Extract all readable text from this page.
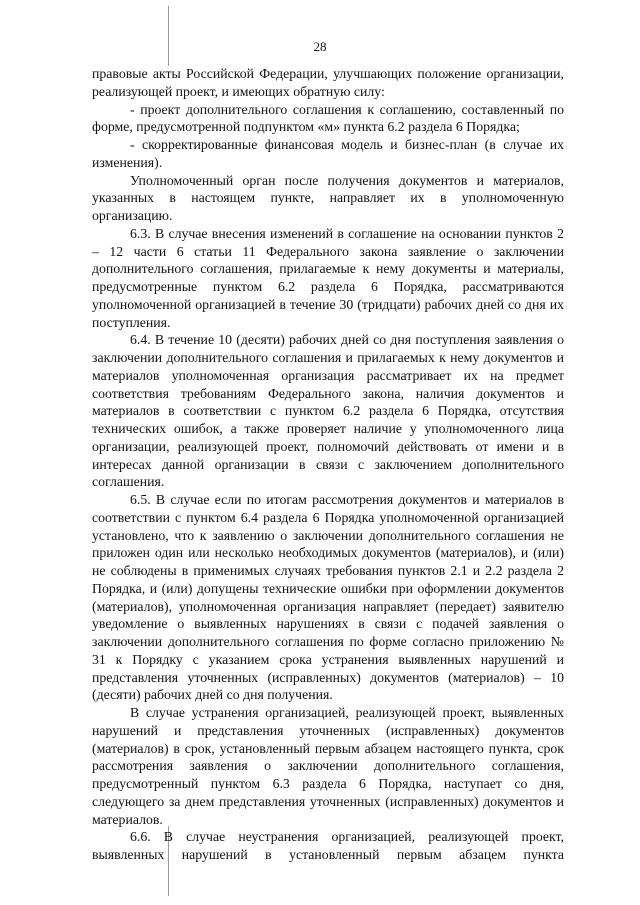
28

правовые акты Российской Федерации, улучшающих положение организации, реализующей проект, и имеющих обратную силу:

- проект дополнительного соглашения к соглашению, составленный по форме, предусмотренной подпунктом «м» пункта 6.2 раздела 6 Порядка;

- скорректированные финансовая модель и бизнес-план (в случае их изменения).

Уполномоченный орган после получения документов и материалов, указанных в настоящем пункте, направляет их в уполномоченную организацию.

6.3. В случае внесения изменений в соглашение на основании пунктов 2 – 12 части 6 статьи 11 Федерального закона заявление о заключении дополнительного соглашения, прилагаемые к нему документы и материалы, предусмотренные пунктом 6.2 раздела 6 Порядка, рассматриваются уполномоченной организацией в течение 30 (тридцати) рабочих дней со дня их поступления.

6.4. В течение 10 (десяти) рабочих дней со дня поступления заявления о заключении дополнительного соглашения и прилагаемых к нему документов и материалов уполномоченная организация рассматривает их на предмет соответствия требованиям Федерального закона, наличия документов и материалов в соответствии с пунктом 6.2 раздела 6 Порядка, отсутствия технических ошибок, а также проверяет наличие у уполномоченного лица организации, реализующей проект, полномочий действовать от имени и в интересах данной организации в связи с заключением дополнительного соглашения.

6.5. В случае если по итогам рассмотрения документов и материалов в соответствии с пунктом 6.4 раздела 6 Порядка уполномоченной организацией установлено, что к заявлению о заключении дополнительного соглашения не приложен один или несколько необходимых документов (материалов), и (или) не соблюдены в применимых случаях требования пунктов 2.1 и 2.2 раздела 2 Порядка, и (или) допущены технические ошибки при оформлении документов (материалов), уполномоченная организация направляет (передает) заявителю уведомление о выявленных нарушениях в связи с подачей заявления о заключении дополнительного соглашения по форме согласно приложению № 31 к Порядку с указанием срока устранения выявленных нарушений и представления уточненных (исправленных) документов (материалов) – 10 (десяти) рабочих дней со дня получения.

В случае устранения организацией, реализующей проект, выявленных нарушений и представления уточненных (исправленных) документов (материалов) в срок, установленный первым абзацем настоящего пункта, срок рассмотрения заявления о заключении дополнительного соглашения, предусмотренный пунктом 6.3 раздела 6 Порядка, наступает со дня, следующего за днем представления уточненных (исправленных) документов и материалов.

6.6. В случае неустранения организацией, реализующей проект, выявленных нарушений в установленный первым абзацем пункта
